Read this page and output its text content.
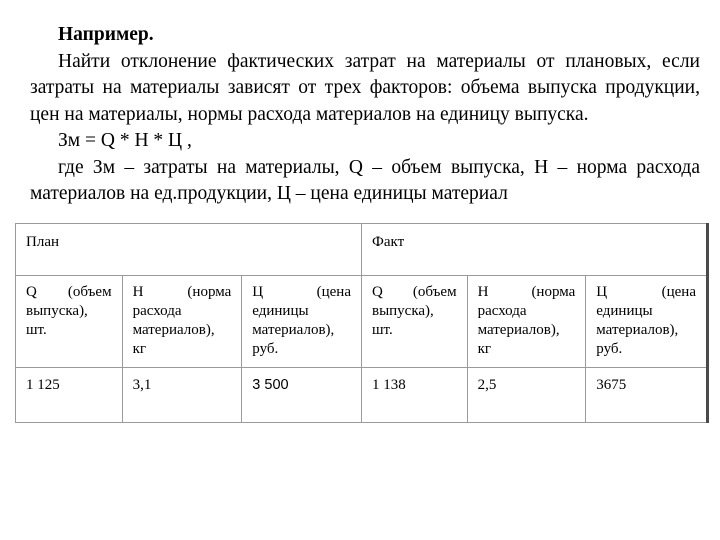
Например.

Найти отклонение фактических затрат на материалы от плановых, если затраты на материалы зависят от трех факторов: объема выпуска продукции, цен на материалы, нормы расхода материалов на единицу выпуска.

Зм = Q * Н * Ц ,

где Зм – затраты на материалы, Q – объем выпуска, Н – норма расхода материалов на ед.продукции, Ц – цена единицы материал

План			Факт		
Q (объем выпуска), шт.	Н (норма расхода материалов), кг	Ц (цена единицы материалов), руб.	Q (объем выпуска), шт.	Н (норма расхода материалов), кг	Ц (цена единицы материалов), руб.
1 125	3,1	3 500	1 138	2,5	3675
